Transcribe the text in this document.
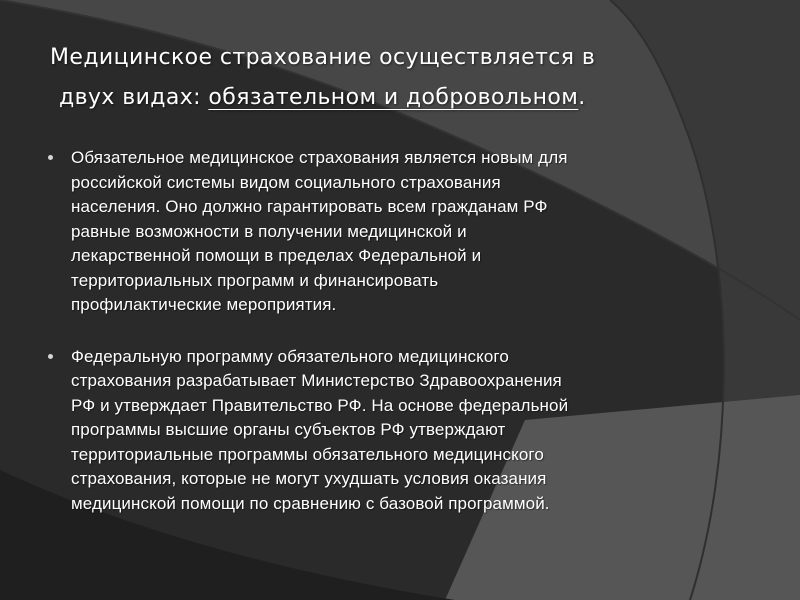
Медицинское страхование осуществляется в
двух видах: обязательном и добровольном.
Обязательное медицинское страхования является новым для
российской системы видом социального страхования
населения. Оно должно гарантировать всем гражданам РФ
равные возможности в получении медицинской и
лекарственной помощи в пределах Федеральной и
территориальных программ и финансировать
профилактические мероприятия.
Федеральную программу обязательного медицинского
страхования разрабатывает Министерство Здравоохранения
РФ и утверждает Правительство РФ. На основе федеральной
программы высшие органы субъектов РФ утверждают
территориальные программы обязательного медицинского
страхования, которые не могут ухудшать условия оказания
медицинской помощи по сравнению с базовой программой.
